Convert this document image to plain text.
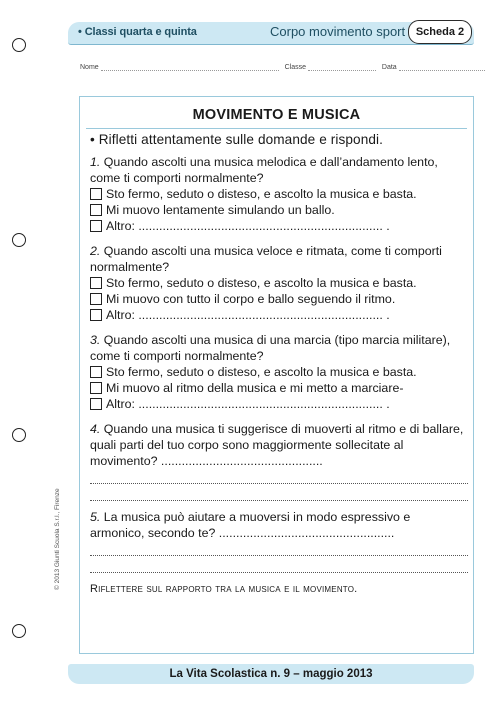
• Classi quarta e quinta	Corpo movimento sport Scheda 2
Nome	Classe	Data
MOVIMENTO E MUSICA
• Rifletti attentamente sulle domande e rispondi.

1. Quando ascolti una musica melodica e dall’andamento lento, come ti comporti normalmente?

Sto fermo, seduto o disteso, e ascolto la musica e basta.
Mi muovo lentamente simulando un ballo.
Altro: ....................................................................... .

2. Quando ascolti una musica veloce e ritmata, come ti comporti normalmente?

Sto fermo, seduto o disteso, e ascolto la musica e basta.
Mi muovo con tutto il corpo e ballo seguendo il ritmo.
Altro: ....................................................................... .

3. Quando ascolti una musica di una marcia (tipo marcia militare), come ti comporti normalmente?

Sto fermo, seduto o disteso, e ascolto la musica e basta.
Mi muovo al ritmo della musica e mi metto a marciare-
Altro: ....................................................................... .

4. Quando una musica ti suggerisce di muoverti al ritmo e di ballare, quali parti del tuo corpo sono maggiormente sollecitate al movimento? ...............................................

5. La musica può aiutare a muoversi in modo espressivo e armonico, secondo te? ...................................................

Riflettere sul rapporto tra la musica e il movimento.
© 2013 Giunti Scuola S.r.l., Firenze
La Vita Scolastica n. 9 – maggio 2013
